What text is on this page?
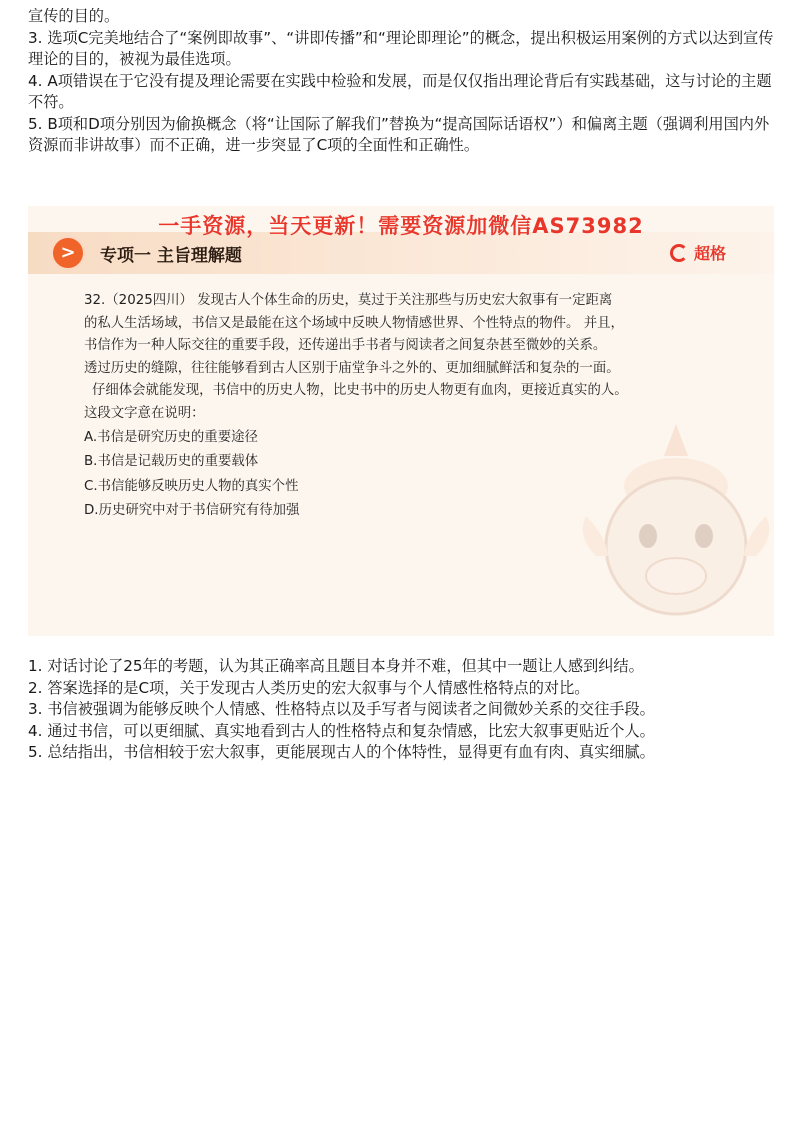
宣传的目的。

3. 选项C完美地结合了“案例即故事”、“讲即传播”和“理论即理论”的概念，提出积极运用案例的方式以达到宣传理论的目的，被视为最佳选项。

4. A项错误在于它没有提及理论需要在实践中检验和发展，而是仅仅指出理论背后有实践基础，这与讨论的主题不符。

5. B项和D项分别因为偷换概念（将“让国际了解我们”替换为“提高国际话语权”）和偏离主题（强调利用国内外资源而非讲故事）而不正确，进一步突显了C项的全面性和正确性。

一手资源，当天更新！需要资源加微信AS73982
>	专项一 主旨理解题	超格

32.（2025四川） 发现古人个体生命的历史，莫过于关注那些与历史宏大叙事有一定距离

的私人生活场域，书信又是最能在这个场域中反映人物情感世界、个性特点的物件。 并且，

书信作为一种人际交往的重要手段，还传递出手书者与阅读者之间复杂甚至微妙的关系。

透过历史的缝隙，往往能够看到古人区别于庙堂争斗之外的、更加细腻鲜活和复杂的一面。

仔细体会就能发现，书信中的历史人物，比史书中的历史人物更有血肉，更接近真实的人。

这段文字意在说明：

A.书信是研究历史的重要途径

B.书信是记载历史的重要载体

C.书信能够反映历史人物的真实个性

D.历史研究中对于书信研究有待加强

1. 对话讨论了25年的考题，认为其正确率高且题目本身并不难，但其中一题让人感到纠结。

2. 答案选择的是C项，关于发现古人类历史的宏大叙事与个人情感性格特点的对比。

3. 书信被强调为能够反映个人情感、性格特点以及手写者与阅读者之间微妙关系的交往手段。

4. 通过书信，可以更细腻、真实地看到古人的性格特点和复杂情感，比宏大叙事更贴近个人。

5. 总结指出，书信相较于宏大叙事，更能展现古人的个体特性，显得更有血有肉、真实细腻。
